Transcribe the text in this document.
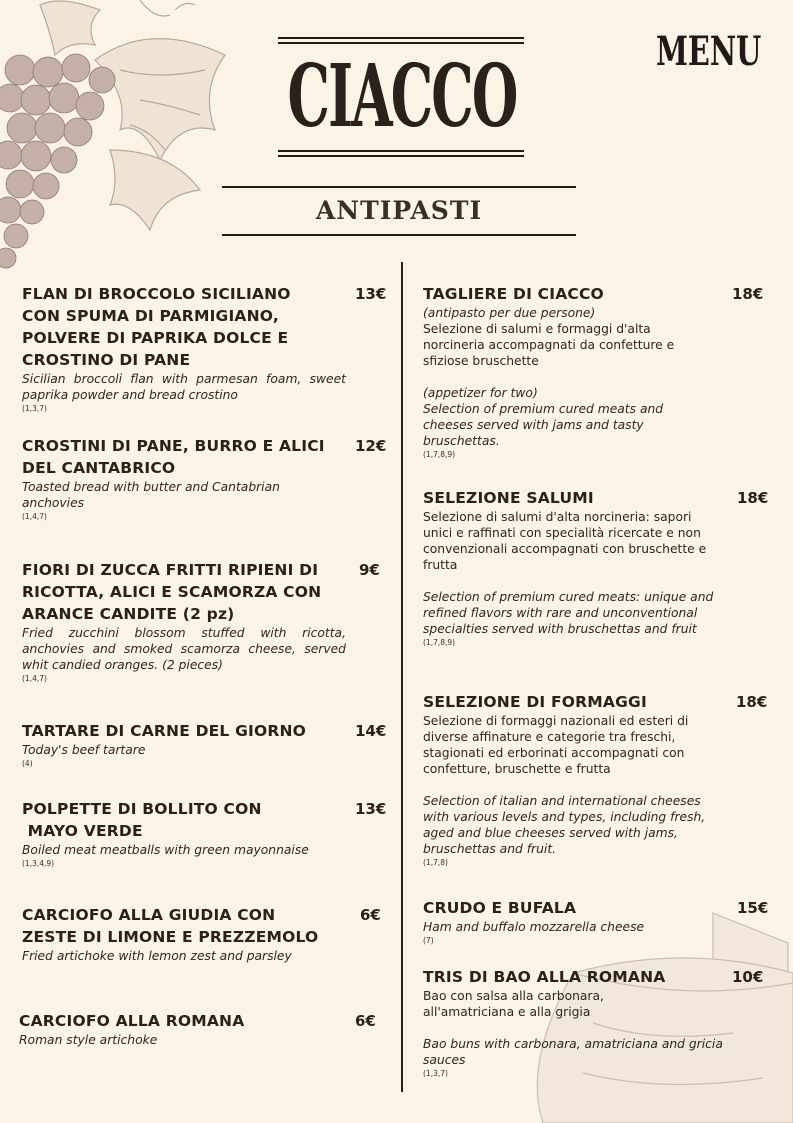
CIACCO	MENU
ANTIPASTI
FLAN DI BROCCOLO SICILIANO
CON SPUMA DI PARMIGIANO,
POLVERE DI PAPRIKA DOLCE E
CROSTINO DI PANE
Sicilian broccoli flan with parmesan foam, sweet paprika powder and bread crostino
(1,3,7)
13€
CROSTINI DI PANE, BURRO E ALICI
DEL CANTABRICO
Toasted bread with butter and Cantabrian anchovies
(1,4,7)
12€
FIORI DI ZUCCA FRITTI RIPIENI DI
RICOTTA, ALICI E SCAMORZA CON
ARANCE CANDITE (2 pz)
Fried zucchini blossom stuffed with ricotta, anchovies and smoked scamorza cheese, served whit candied oranges. (2 pieces)
(1,4,7)
9€
TARTARE DI CARNE DEL GIORNO
Today's beef tartare
(4)
14€
POLPETTE DI BOLLITO CON
MAYO VERDE
Boiled meat meatballs with green mayonnaise
(1,3,4,9)
13€
CARCIOFO ALLA GIUDIA CON
ZESTE DI LIMONE E PREZZEMOLO
Fried artichoke with lemon zest and parsley
6€
CARCIOFO ALLA ROMANA
Roman style artichoke
6€
TAGLIERE DI CIACCO
(antipasto per due persone)
Selezione di salumi e formaggi d'alta norcineria accompagnati da confetture e sfiziose bruschette
(appetizer for two)
Selection of premium cured meats and cheeses served with jams and tasty bruschettas.
(1,7,8,9)
18€
SELEZIONE SALUMI
Selezione di salumi d'alta norcineria: sapori unici e raffinati con specialità ricercate e non convenzionali accompagnati con bruschette e frutta
Selection of premium cured meats: unique and refined flavors with rare and unconventional specialties served with bruschettas and fruit
(1,7,8,9)
18€
SELEZIONE DI FORMAGGI
Selezione di formaggi nazionali ed esteri di diverse affinature e categorie tra freschi, stagionati ed erborinati accompagnati con confetture, bruschette e frutta
Selection of italian and international cheeses with various levels and types, including fresh, aged and blue cheeses served with jams, bruschettas and fruit.
(1,7,8)
18€
CRUDO E BUFALA
Ham and buffalo mozzarella cheese
(7)
15€
TRIS DI BAO ALLA ROMANA
Bao con salsa alla carbonara, all'amatriciana e alla grigia
Bao buns with carbonara, amatriciana and gricia sauces
(1,3,7)
10€
